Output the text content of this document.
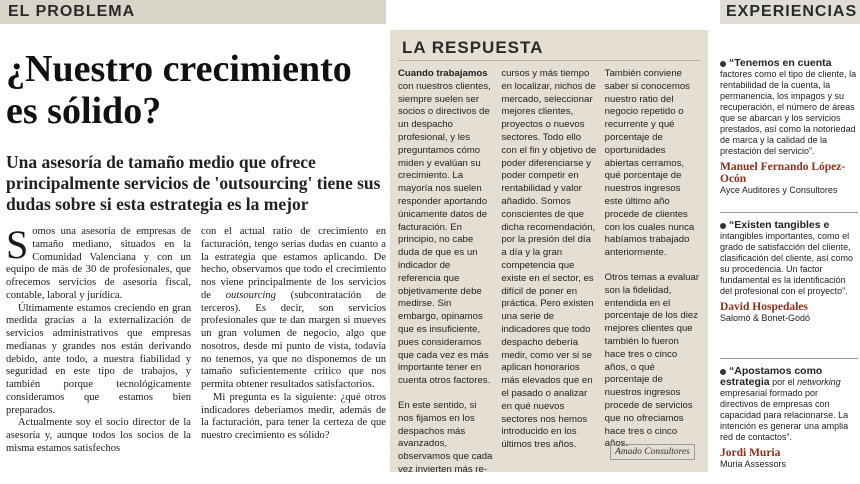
EL PROBLEMA
¿Nuestro crecimiento es sólido?
Una asesoría de tamaño medio que ofrece principalmente servicios de 'outsourcing' tiene sus dudas sobre si esta estrategia es la mejor

Somos una asesoría de empresas de tamaño mediano, situados en la Comunidad Valenciana y con un equipo de más de 30 de profesionales, que ofrecemos servicios de asesoría fiscal, contable, laboral y jurídica.

Últimamente estamos creciendo en gran medida gracias a la externalización de servicios administrativos que empresas medianas y grandes nos están derivando debido, ante todo, a nuestra fiabilidad y seguridad en este tipo de trabajos, y también porque tecnológicamente consideramos que estamos bien preparados.

Actualmente soy el socio director de la asesoría y, aunque todos los socios de la misma estamos satisfechos

con el actual ratio de crecimiento en facturación, tengo serias dudas en cuanto a la estrategia que estamos aplicando. De hecho, observamos que todo el crecimiento nos viene principalmente de los servicios de outsourcing (subcontratación de terceros). Es decir, son servicios profesionales que te dan margen si mueves un gran volumen de negocio, algo que nosotros, desde mi punto de vista, todavía no tenemos, ya que no disponemos de un tamaño suficientemente crítico que nos permita obtener resultados satisfactorios.

Mi pregunta es la siguiente: ¿qué otros indicadores deberíamos medir, además de la facturación, para tener la certeza de que nuestro crecimiento es sólido?

LA RESPUESTA

Cuando trabajamos con nuestros clientes, siempre suelen ser socios o directivos de un despacho profesional, y les preguntamos cómo miden y evalúan su crecimiento. La mayoría nos suelen responder aportando únicamente datos de facturación. En principio, no cabe duda de que es un indicador de referencia que objetivamente debe medirse. Sin embargo, opinamos que es insuficiente, pues consideramos que cada vez es más importante tener en cuenta otros factores.

En este sentido, si nos fijamos en los despachos más avanzados, observamos que cada vez invierten más re-

cursos y más tiempo en localizar, nichos de mercado, seleccionar mejores clientes, proyectos o nuevos sectores. Todo ello con el fin y objetivo de poder diferenciarse y poder competir en rentabilidad y valor añadido. Somos conscientes de que dicha recomendación, por la presión del día a día y la gran competencia que existe en el sector, es difícil de poner en práctica. Pero existen una serie de indicadores que todo despacho debería medir, como ver si se aplican honorarios más elevados que en el pasado o analizar en qué nuevos sectores nos hemos introducido en los últimos tres años.

También conviene saber si conocemos nuestro ratio del negocio repetido o recurrente y qué porcentaje de oportunidades abiertas cerramos, qué porcentaje de nuestros ingresos este último año procede de clientes con los cuales nunca habíamos trabajado anteriormente.

Otros temas a evaluar son la fidelidad, entendida en el porcentaje de los diez mejores clientes que también lo fueron hace tres o cinco años, o qué porcentaje de nuestros ingresos procede de servicios que no ofreciamos hace tres o cinco años.

Amado Consultores
EXPERIENCIAS
“Tenemos en cuenta factores como el tipo de cliente, la rentabilidad de la cuenta, la permanencia, los impagos y su recuperación, el número de áreas que se abarcan y los servicios prestados, así como la notoriedad de marca y la calidad de la prestación del servicio”.
Manuel Fernando López-Ocón
Ayce Auditores y Consultores
“Existen tangibles e intangibles importantes, como el grado de satisfacción del cliente, clasificación del cliente, así como su procedencia. Un factor fundamental es la identificación del profesional con el proyecto”.
David Hospedales
Salomó & Bonet-Godó
“Apostamos como estrategia por el networking empresarial formado por directivos de empresas con capacidad para relacionarse. La intención es generar una amplia red de contactos”.
Jordi Muria
Muria Assessors
